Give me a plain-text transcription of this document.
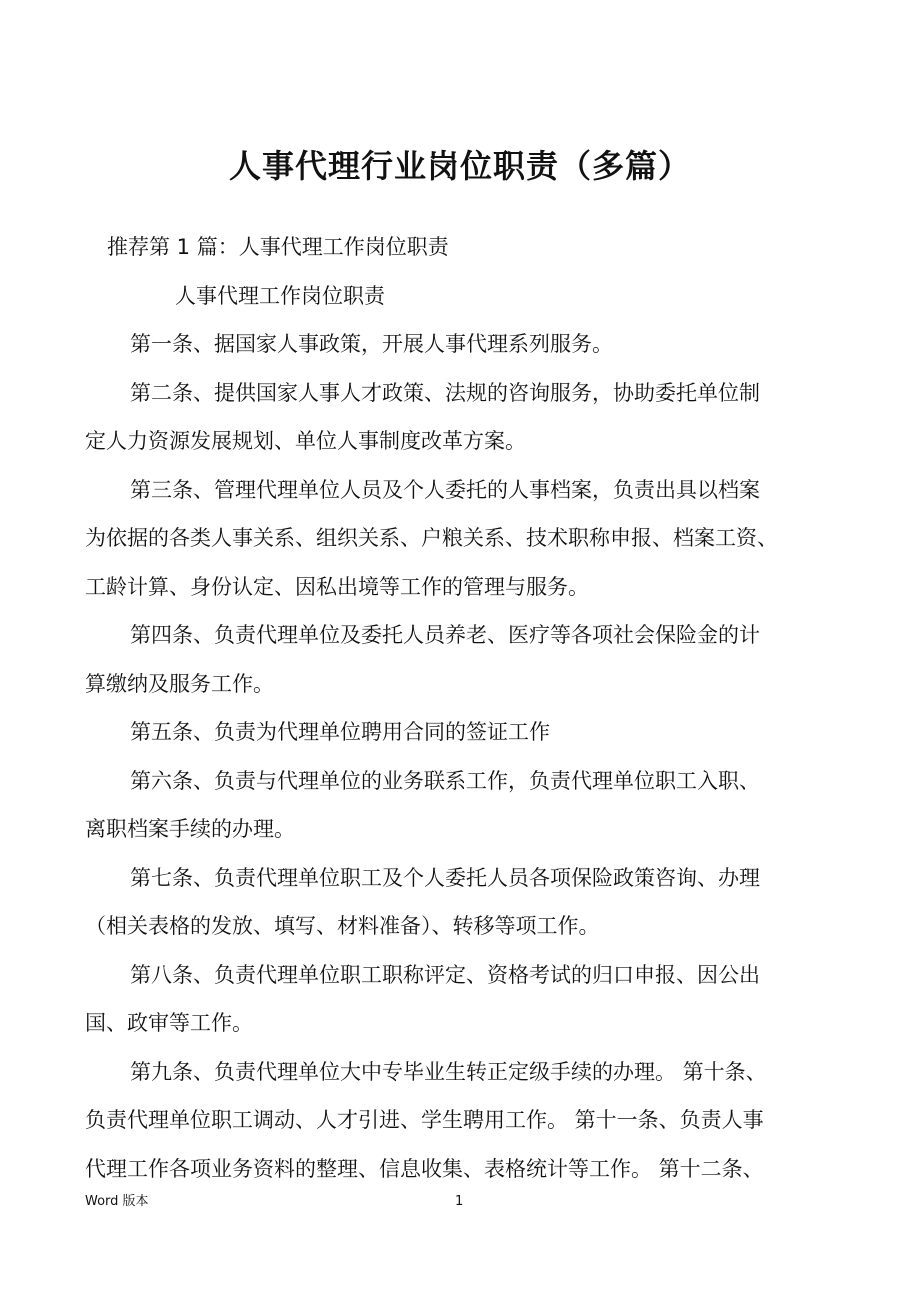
人事代理行业岗位职责（多篇）

推荐第 1 篇：人事代理工作岗位职责

人事代理工作岗位职责

第一条、据国家人事政策，开展人事代理系列服务。

第二条、提供国家人事人才政策、法规的咨询服务，协助委托单位制

定人力资源发展规划、单位人事制度改革方案。

第三条、管理代理单位人员及个人委托的人事档案，负责出具以档案

为依据的各类人事关系、组织关系、户粮关系、技术职称申报、档案工资、

工龄计算、身份认定、因私出境等工作的管理与服务。

第四条、负责代理单位及委托人员养老、医疗等各项社会保险金的计

算缴纳及服务工作。

第五条、负责为代理单位聘用合同的签证工作

第六条、负责与代理单位的业务联系工作，负责代理单位职工入职、

离职档案手续的办理。

第七条、负责代理单位职工及个人委托人员各项保险政策咨询、办理

（相关表格的发放、填写、材料准备）、转移等项工作。

第八条、负责代理单位职工职称评定、资格考试的归口申报、因公出

国、政审等工作。

第九条、负责代理单位大中专毕业生转正定级手续的办理。 第十条、

负责代理单位职工调动、人才引进、学生聘用工作。 第十一条、负责人事

代理工作各项业务资料的整理、信息收集、表格统计等工作。 第十二条、

Word 版本	1
